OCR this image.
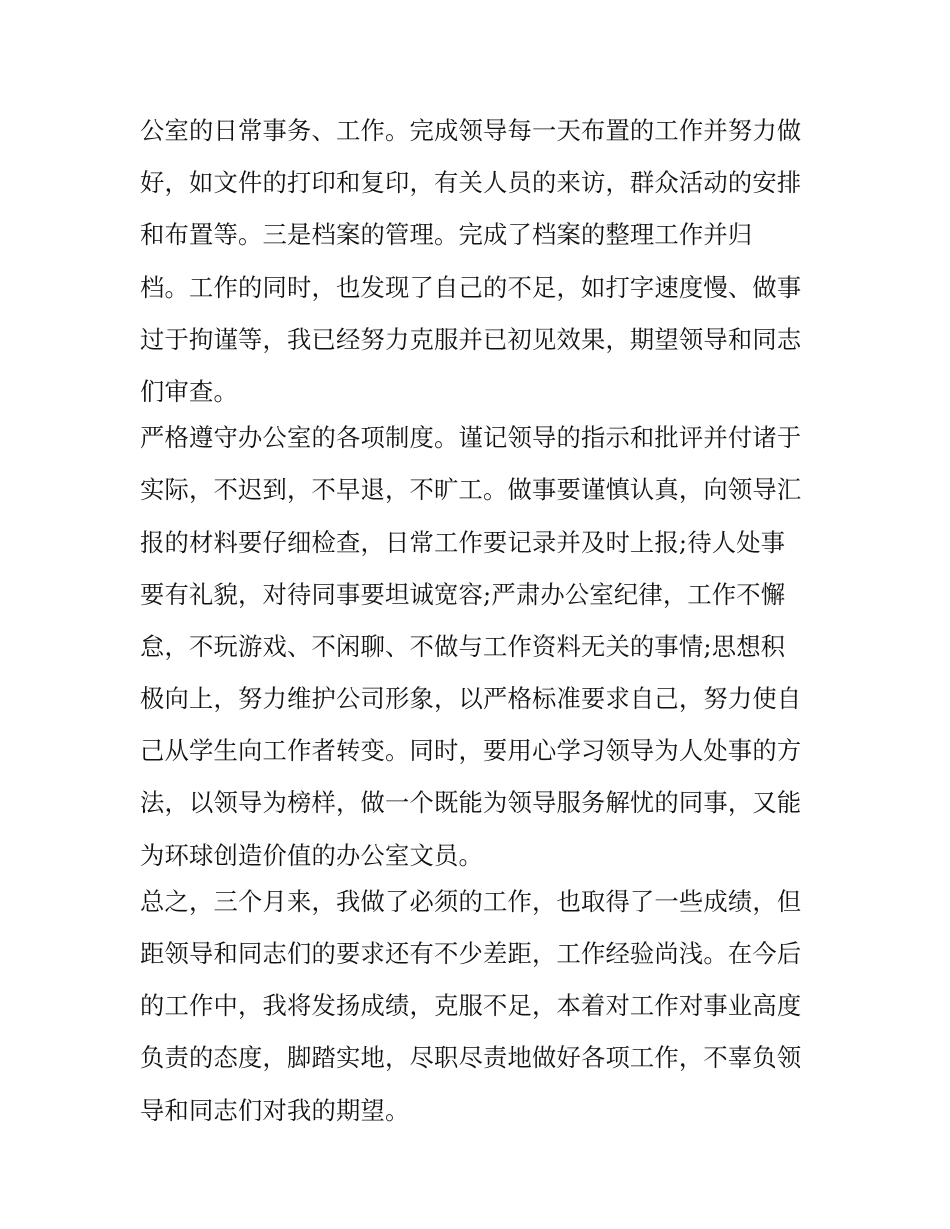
公室的日常事务、工作。完成领导每一天布置的工作并努力做
好，如文件的打印和复印，有关人员的来访，群众活动的安排
和布置等。三是档案的管理。完成了档案的整理工作并归
档。工作的同时，也发现了自己的不足，如打字速度慢、做事
过于拘谨等，我已经努力克服并已初见效果，期望领导和同志
们审查。
严格遵守办公室的各项制度。谨记领导的指示和批评并付诸于
实际，不迟到，不早退，不旷工。做事要谨慎认真，向领导汇
报的材料要仔细检查，日常工作要记录并及时上报;待人处事
要有礼貌，对待同事要坦诚宽容;严肃办公室纪律，工作不懈
怠，不玩游戏、不闲聊、不做与工作资料无关的事情;思想积
极向上，努力维护公司形象，以严格标准要求自己，努力使自
己从学生向工作者转变。同时，要用心学习领导为人处事的方
法，以领导为榜样，做一个既能为领导服务解忧的同事，又能
为环球创造价值的办公室文员。
总之，三个月来，我做了必须的工作，也取得了一些成绩，但
距领导和同志们的要求还有不少差距，工作经验尚浅。在今后
的工作中，我将发扬成绩，克服不足，本着对工作对事业高度
负责的态度，脚踏实地，尽职尽责地做好各项工作，不辜负领
导和同志们对我的期望。
